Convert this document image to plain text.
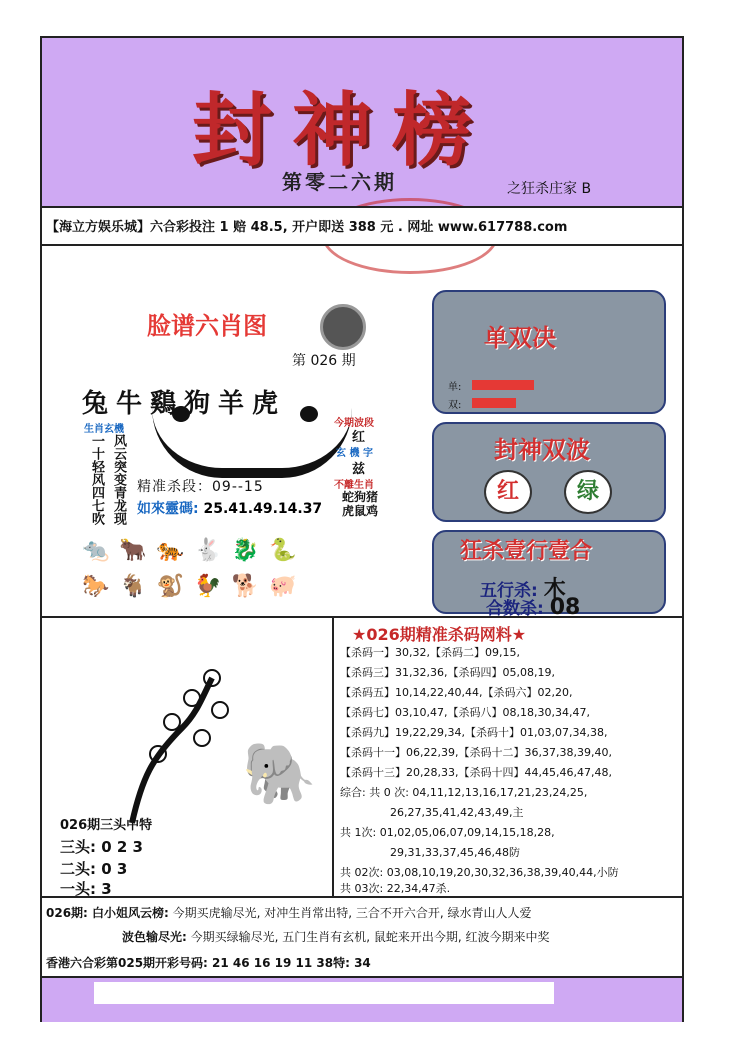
封神榜
第零二六期	之狂杀庄家 B
【海立方娱乐城】六合彩投注 1 赔 48.5, 开户即送 388 元 . 网址 www.617788.com
脸谱六肖图
第 026 期
兔牛鷄狗羊虎
生肖玄機
风云突变青龙现
一十轻风四七吹
今期波段
红
玄 機 字
兹
不離生肖
蛇狗猪虎鼠鸡
精准杀段：09--15
如來靈碼: 25.41.49.14.37
🐀🐂🐅🐇🐉🐍
🐎🐐🐒🐓🐕🐖
单双决
单:
双:
封神双波
红	绿
狂杀壹行壹合
五行杀: 木
合数杀: 08
🐘
026期三头中特
三头: 0 2 3
二头: 0 3
一头: 3
★026期精准杀码网料★
【杀码一】30,32,【杀码二】09,15,
【杀码三】31,32,36,【杀码四】05,08,19,
【杀码五】10,14,22,40,44,【杀码六】02,20,
【杀码七】03,10,47,【杀码八】08,18,30,34,47,
【杀码九】19,22,29,34,【杀码十】01,03,07,34,38,
【杀码十一】06,22,39,【杀码十二】36,37,38,39,40,
【杀码十三】20,28,33,【杀码十四】44,45,46,47,48,
综合: 共 0 次: 04,11,12,13,16,17,21,23,24,25,
26,27,35,41,42,43,49,主
共 1次: 01,02,05,06,07,09,14,15,18,28,
29,31,33,37,45,46,48防
共 02次: 03,08,10,19,20,30,32,36,38,39,40,44,小防
共 03次: 22,34,47杀.
026期: 白小姐风云榜: 今期买虎输尽光, 对冲生肖常出特, 三合不开六合开, 绿水青山人人爱
波色输尽光: 今期买绿输尽光, 五门生肖有玄机, 鼠蛇来开出今期, 红波今期来中奖
香港六合彩第025期开彩号码: 21 46 16 19 11 38特: 34
